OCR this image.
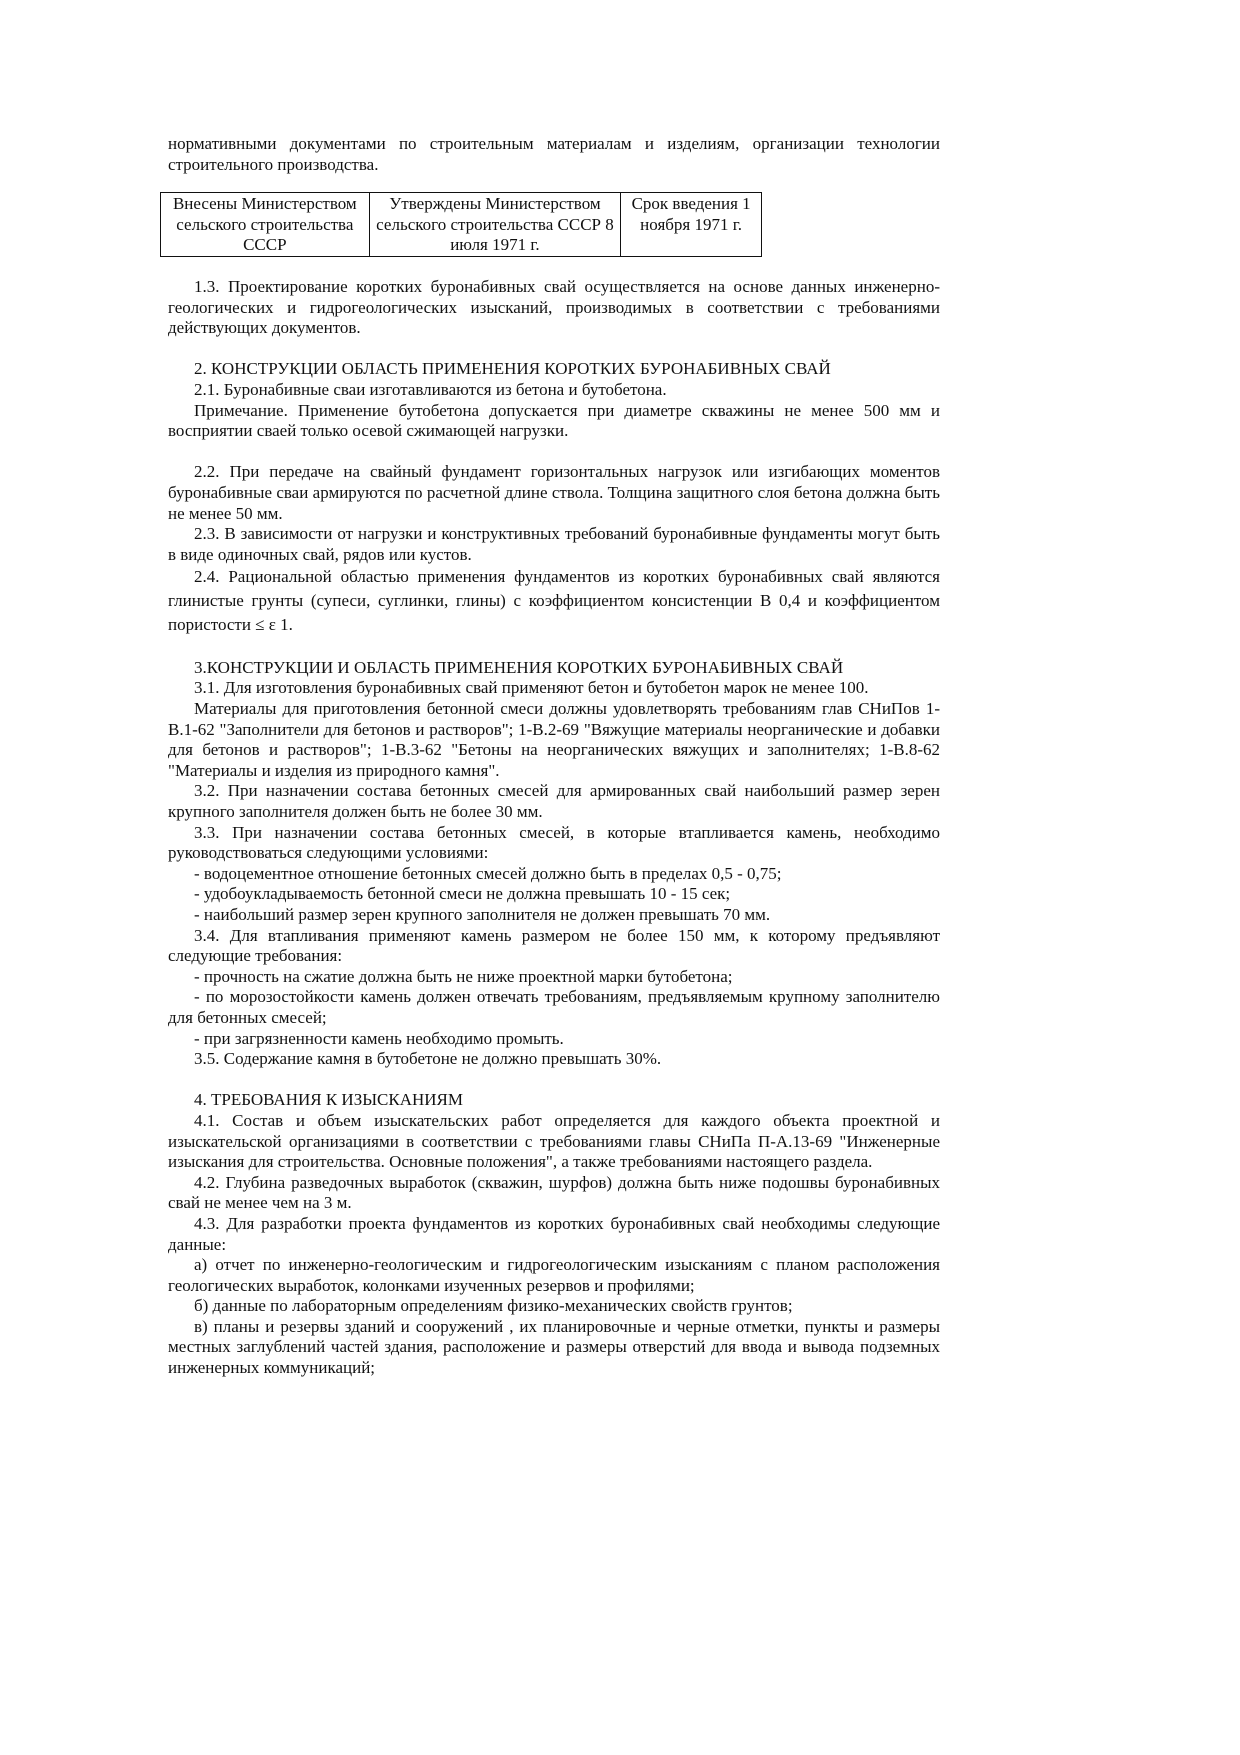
нормативными документами по строительным материалам и изделиям, организации технологии строительного производства.

Внесены Министерством сельского строительства СССР	Утверждены Министерством сельского строительства СССР 8 июля 1971 г.	Срок введения 1 ноября 1971 г.

1.3. Проектирование коротких буронабивных свай осуществляется на основе данных инженерно-геологических и гидрогеологических изысканий, производимых в соответствии с требованиями действующих документов.

2. КОНСТРУКЦИИ ОБЛАСТЬ ПРИМЕНЕНИЯ КОРОТКИХ БУРОНАБИВНЫХ СВАЙ

2.1. Буронабивные сваи изготавливаются из бетона и бутобетона.

Примечание. Применение бутобетона допускается при диаметре скважины не менее 500 мм и восприятии сваей только осевой сжимающей нагрузки.

2.2. При передаче на свайный фундамент горизонтальных нагрузок или изгибающих моментов буронабивные сваи армируются по расчетной длине ствола. Толщина защитного слоя бетона должна быть не менее 50 мм.

2.3. В зависимости от нагрузки и конструктивных требований буронабивные фундаменты могут быть в виде одиночных свай, рядов или кустов.

2.4. Рациональной областью применения фундаментов из коротких буронабивных свай являются глинистые грунты (супеси, суглинки, глины) с коэффициентом консистенции В 0,4 и коэффициентом пористости ≤ ε 1.

3.КОНСТРУКЦИИ И ОБЛАСТЬ ПРИМЕНЕНИЯ КОРОТКИХ БУРОНАБИВНЫХ СВАЙ

3.1. Для изготовления буронабивных свай применяют бетон и бутобетон марок не менее 100.

Материалы для приготовления бетонной смеси должны удовлетворять требованиям глав СНиПов 1-В.1-62 "Заполнители для бетонов и растворов"; 1-В.2-69 "Вяжущие материалы неорганические и добавки для бетонов и растворов"; 1-В.3-62 "Бетоны на неорганических вяжущих и заполнителях; 1-В.8-62 "Материалы и изделия из природного камня".

3.2. При назначении состава бетонных смесей для армированных свай наибольший размер зерен крупного заполнителя должен быть не более 30 мм.

3.3. При назначении состава бетонных смесей, в которые втапливается камень, необходимо руководствоваться следующими условиями:

- водоцементное отношение бетонных смесей должно быть в пределах 0,5 - 0,75;

- удобоукладываемость бетонной смеси не должна превышать 10 - 15 сек;

- наибольший размер зерен крупного заполнителя не должен превышать 70 мм.

3.4. Для втапливания применяют камень размером не более 150 мм, к которому предъявляют следующие требования:

- прочность на сжатие должна быть не ниже проектной марки бутобетона;

- по морозостойкости камень должен отвечать требованиям, предъявляемым крупному заполнителю для бетонных смесей;

- при загрязненности камень необходимо промыть.

3.5. Содержание камня в бутобетоне не должно превышать 30%.

4. ТРЕБОВАНИЯ К ИЗЫСКАНИЯМ

4.1. Состав и объем изыскательских работ определяется для каждого объекта проектной и изыскательской организациями в соответствии с требованиями главы СНиПа П-А.13-69 "Инженерные изыскания для строительства. Основные положения", а также требованиями настоящего раздела.

4.2. Глубина разведочных выработок (скважин, шурфов) должна быть ниже подошвы буронабивных свай не менее чем на 3 м.

4.3. Для разработки проекта фундаментов из коротких буронабивных свай необходимы следующие данные:

а) отчет по инженерно-геологическим и гидрогеологическим изысканиям с планом расположения геологических выработок, колонками изученных резервов и профилями;

б) данные по лабораторным определениям физико-механических свойств грунтов;

в) планы и резервы зданий и сооружений , их планировочные и черные отметки, пункты и размеры местных заглублений частей здания, расположение и размеры отверстий для ввода и вывода подземных инженерных коммуникаций;
